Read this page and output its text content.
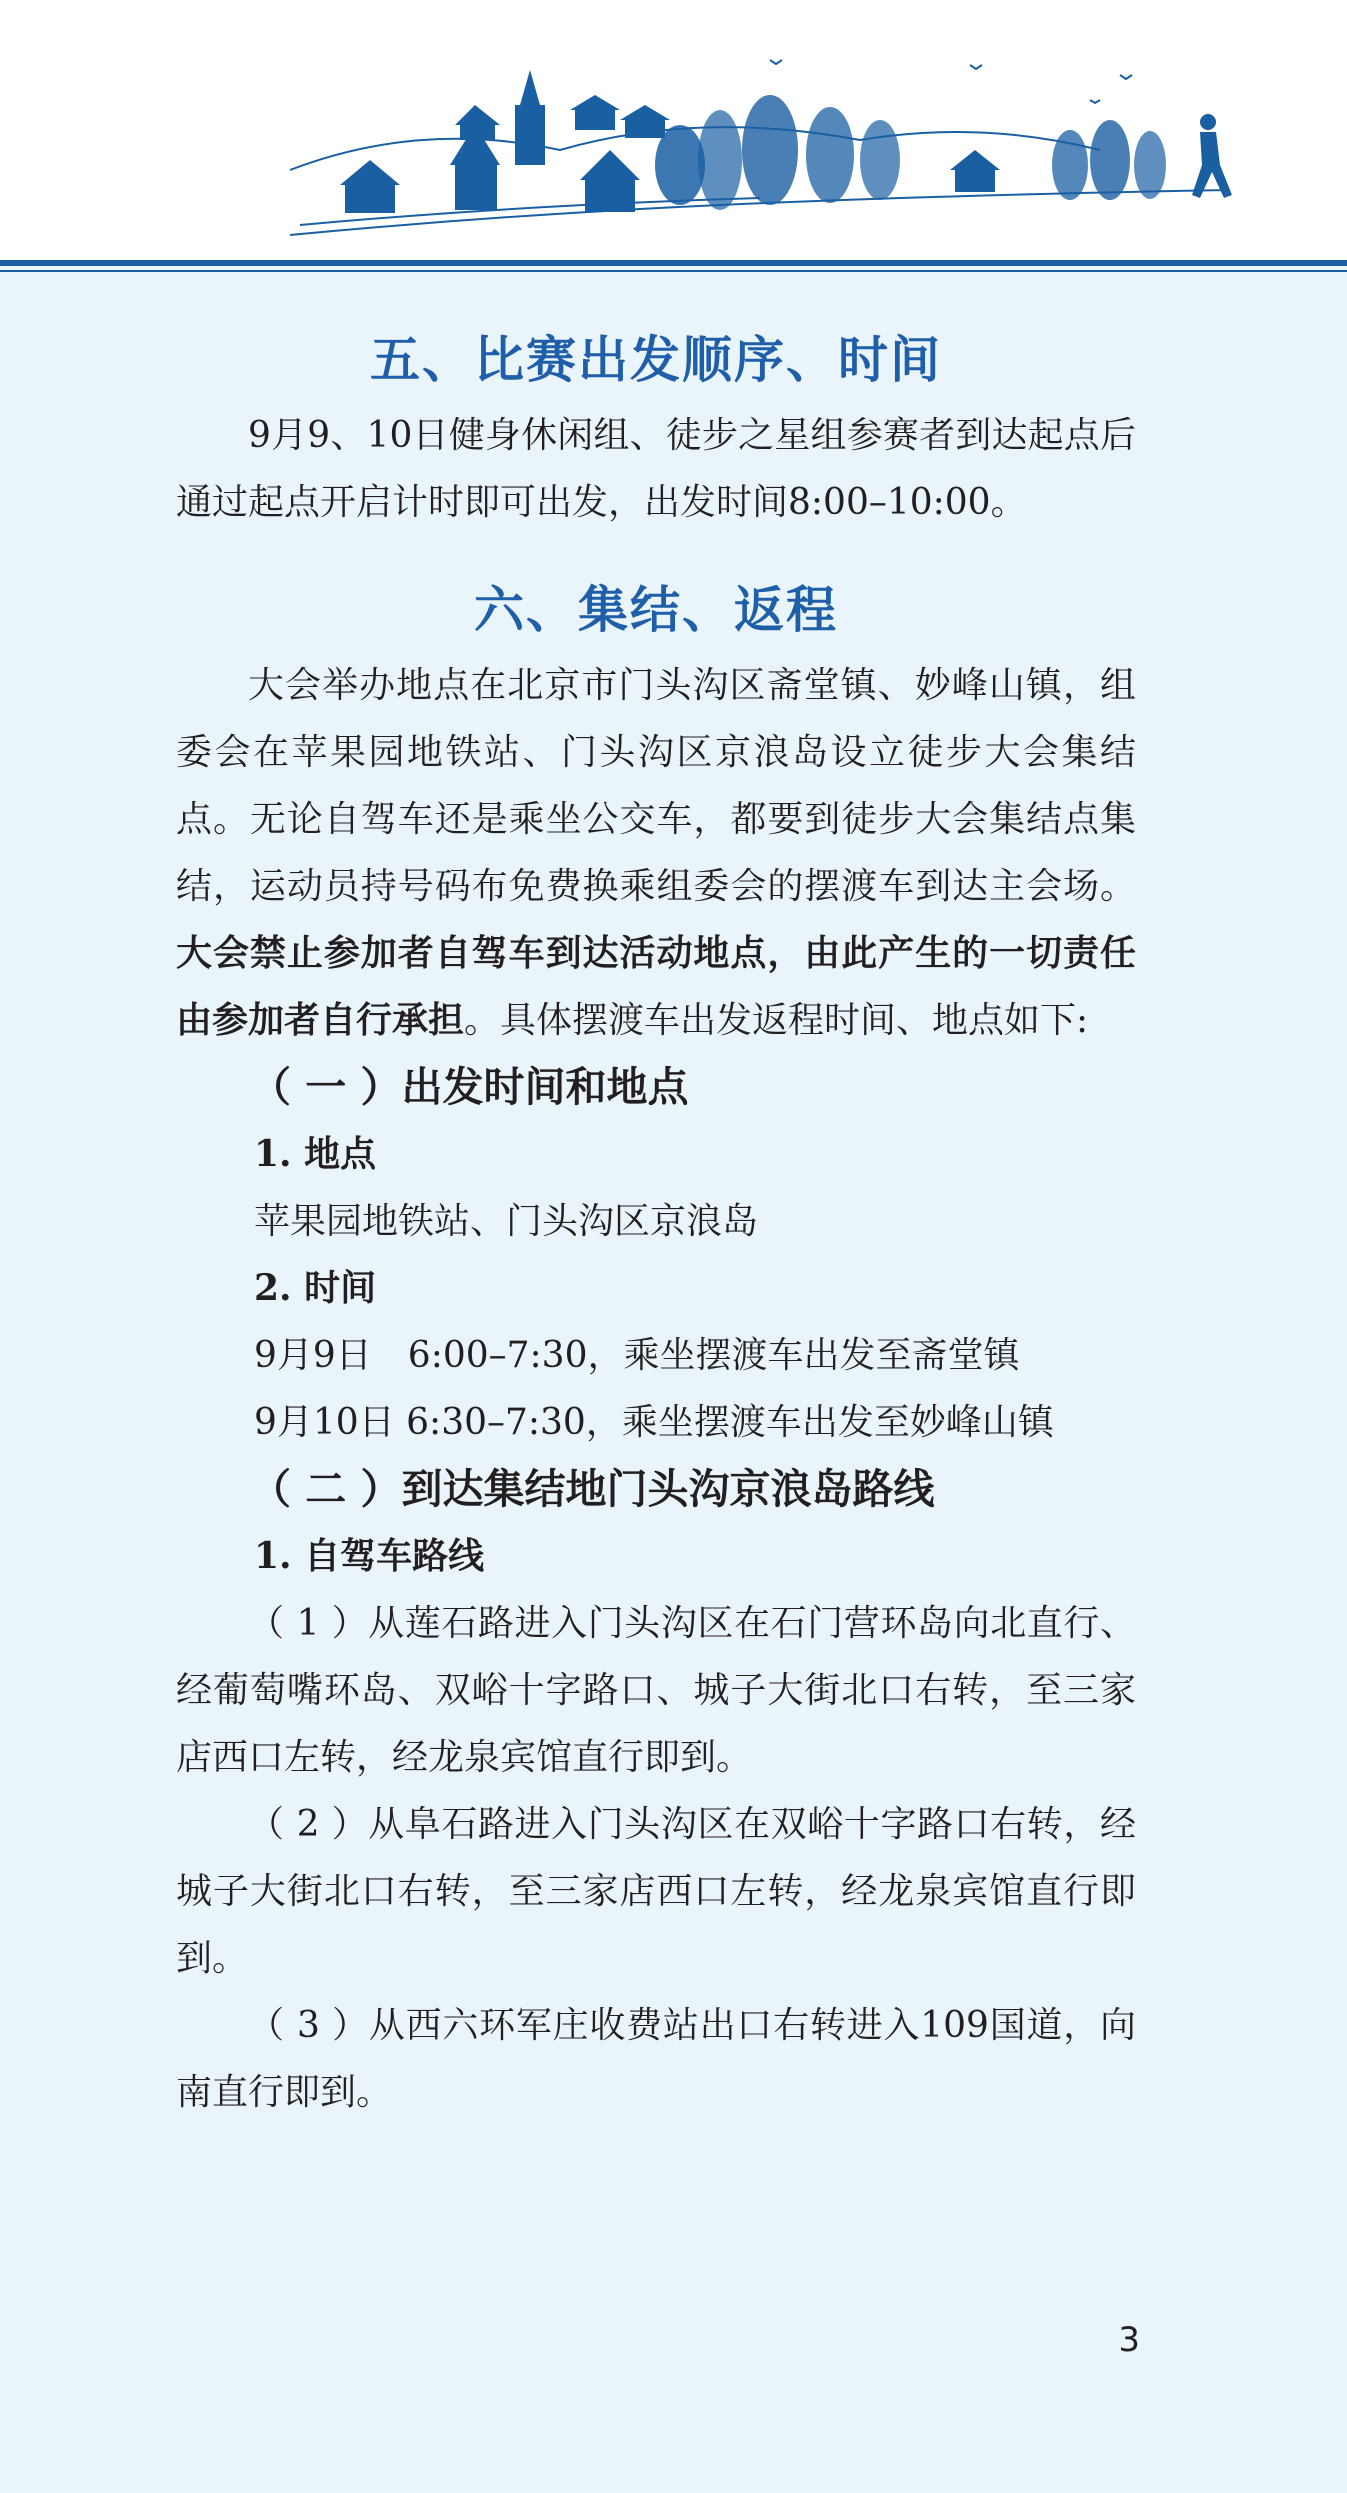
五、比赛出发顺序、时间

9月9、10日健身休闲组、徒步之星组参赛者到达起点后通过起点开启计时即可出发，出发时间8:00–10:00。

六、集结、返程

大会举办地点在北京市门头沟区斋堂镇、妙峰山镇，组委会在苹果园地铁站、门头沟区京浪岛设立徒步大会集结点。无论自驾车还是乘坐公交车，都要到徒步大会集结点集结，运动员持号码布免费换乘组委会的摆渡车到达主会场。大会禁止参加者自驾车到达活动地点，由此产生的一切责任由参加者自行承担。具体摆渡车出发返程时间、地点如下:

（ 一 ）出发时间和地点
1. 地点

苹果园地铁站、门头沟区京浪岛

2. 时间

9月9日　6:00–7:30，乘坐摆渡车出发至斋堂镇

9月10日 6:30–7:30，乘坐摆渡车出发至妙峰山镇

（ 二 ）到达集结地门头沟京浪岛路线
1. 自驾车路线

（ 1 ）从莲石路进入门头沟区在石门营环岛向北直行、经葡萄嘴环岛、双峪十字路口、城子大街北口右转，至三家店西口左转，经龙泉宾馆直行即到。

（ 2 ）从阜石路进入门头沟区在双峪十字路口右转，经城子大街北口右转，至三家店西口左转，经龙泉宾馆直行即到。

（ 3 ）从西六环军庄收费站出口右转进入109国道，向南直行即到。

3
